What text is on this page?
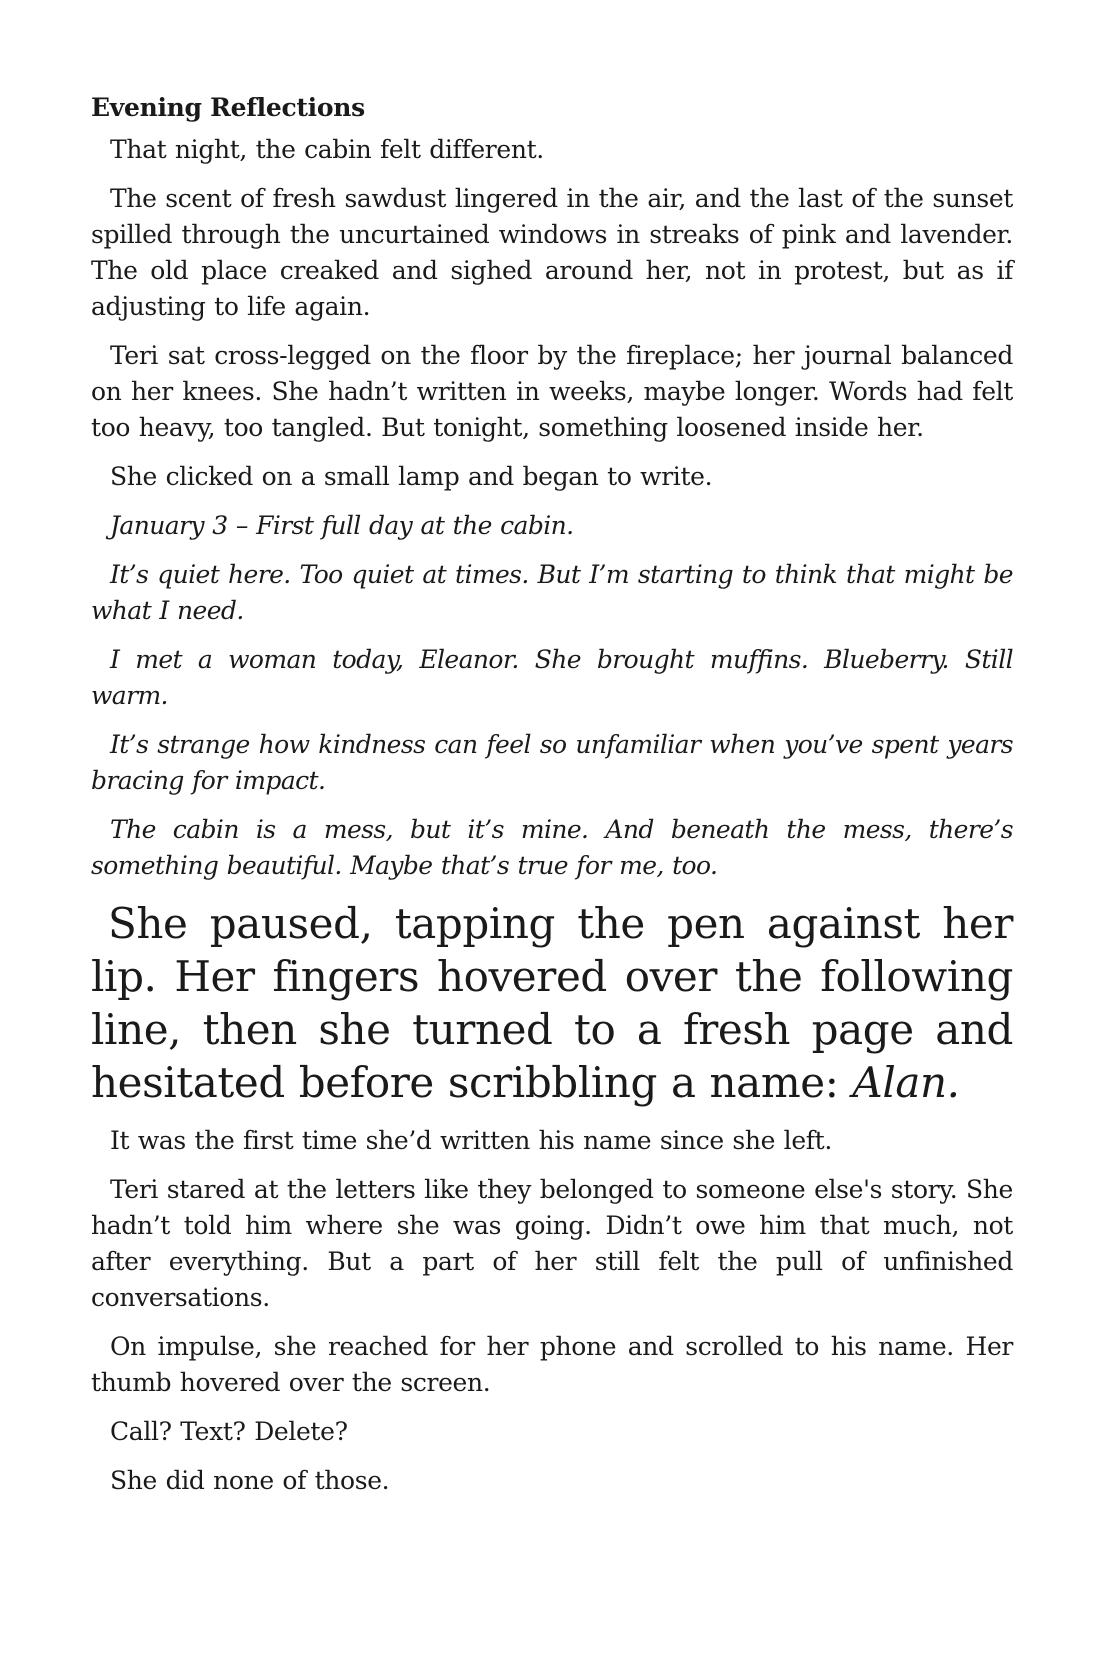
Evening Reflections

That night, the cabin felt different.

The scent of fresh sawdust lingered in the air, and the last of the sunset spilled through the uncurtained windows in streaks of pink and lavender. The old place creaked and sighed around her, not in protest, but as if adjusting to life again.

Teri sat cross-legged on the floor by the fireplace; her journal balanced on her knees. She hadn’t written in weeks, maybe longer. Words had felt too heavy, too tangled. But tonight, something loosened inside her.

She clicked on a small lamp and began to write.

January 3 – First full day at the cabin.

It’s quiet here. Too quiet at times. But I’m starting to think that might be what I need.

I met a woman today, Eleanor. She brought muffins. Blueberry. Still warm.

It’s strange how kindness can feel so unfamiliar when you’ve spent years bracing for impact.

The cabin is a mess, but it’s mine. And beneath the mess, there’s something beautiful. Maybe that’s true for me, too.

She paused, tapping the pen against her lip. Her fingers hovered over the following line, then she turned to a fresh page and hesitated before scribbling a name: Alan.

It was the first time she’d written his name since she left.

Teri stared at the letters like they belonged to someone else's story. She hadn’t told him where she was going. Didn’t owe him that much, not after everything. But a part of her still felt the pull of unfinished conversations.

On impulse, she reached for her phone and scrolled to his name. Her thumb hovered over the screen.

Call? Text? Delete?

She did none of those.
